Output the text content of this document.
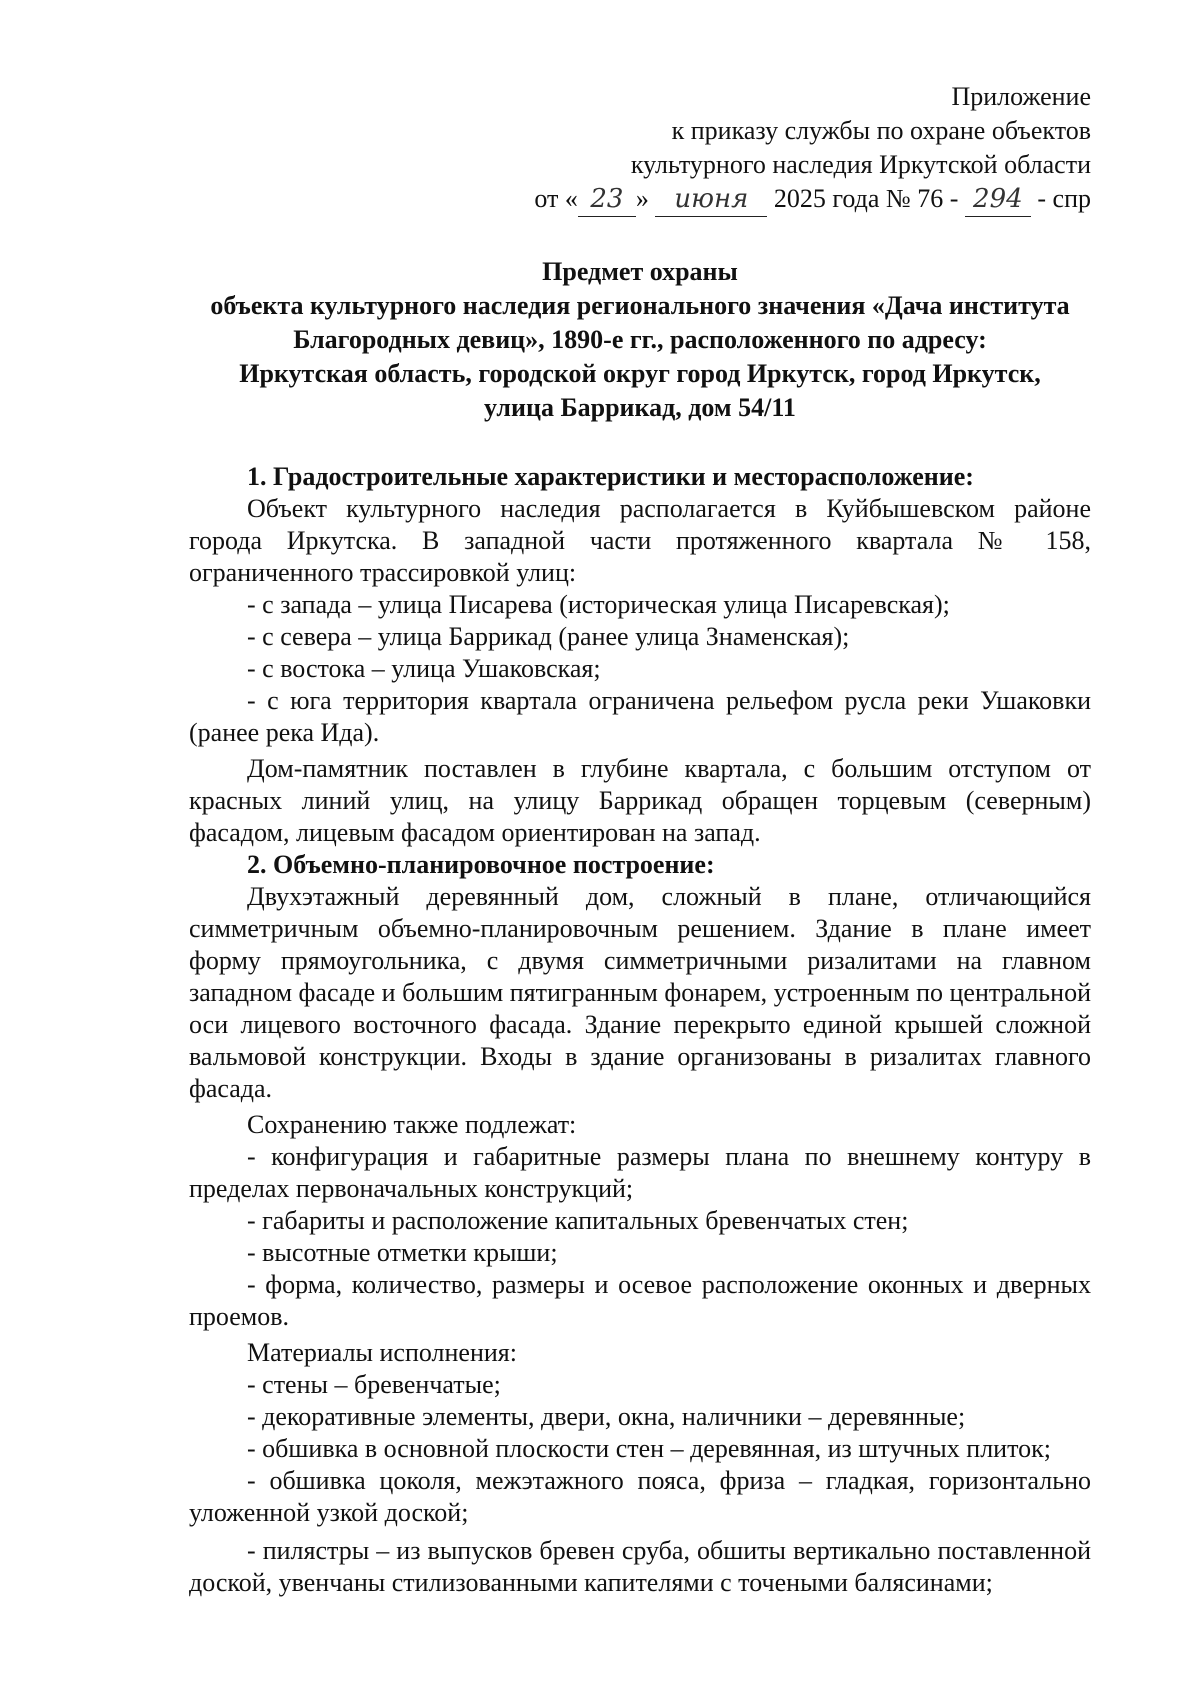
Приложение
к приказу службы по охране объектов
культурного наследия Иркутской области
от « 23 » июня 2025 года № 76 - 294 - спр
Предмет охраны
объекта культурного наследия регионального значения «Дача института
Благородных девиц», 1890-е гг., расположенного по адресу:
Иркутская область, городской округ город Иркутск, город Иркутск,
улица Баррикад, дом 54/11

1. Градостроительные характеристики и месторасположение:

Объект культурного наследия располагается в Куйбышевском районе города Иркутска. В западной части протяженного квартала № 158, ограниченного трассировкой улиц:

- с запада – улица Писарева (историческая улица Писаревская);

- с севера – улица Баррикад (ранее улица Знаменская);

- с востока – улица Ушаковская;

- с юга территория квартала ограничена рельефом русла реки Ушаковки (ранее река Ида).

Дом-памятник поставлен в глубине квартала, с большим отступом от красных линий улиц, на улицу Баррикад обращен торцевым (северным) фасадом, лицевым фасадом ориентирован на запад.

2. Объемно-планировочное построение:

Двухэтажный деревянный дом, сложный в плане, отличающийся симметричным объемно-планировочным решением. Здание в плане имеет форму прямоугольника, с двумя симметричными ризалитами на главном западном фасаде и большим пятигранным фонарем, устроенным по центральной оси лицевого восточного фасада. Здание перекрыто единой крышей сложной вальмовой конструкции. Входы в здание организованы в ризалитах главного фасада.

Сохранению также подлежат:

- конфигурация и габаритные размеры плана по внешнему контуру в пределах первоначальных конструкций;

- габариты и расположение капитальных бревенчатых стен;

- высотные отметки крыши;

- форма, количество, размеры и осевое расположение оконных и дверных проемов.

Материалы исполнения:

- стены – бревенчатые;

- декоративные элементы, двери, окна, наличники – деревянные;

- обшивка в основной плоскости стен – деревянная, из штучных плиток;

- обшивка цоколя, межэтажного пояса, фриза – гладкая, горизонтально уложенной узкой доской;

- пилястры – из выпусков бревен сруба, обшиты вертикально поставленной доской, увенчаны стилизованными капителями с точеными балясинами;
